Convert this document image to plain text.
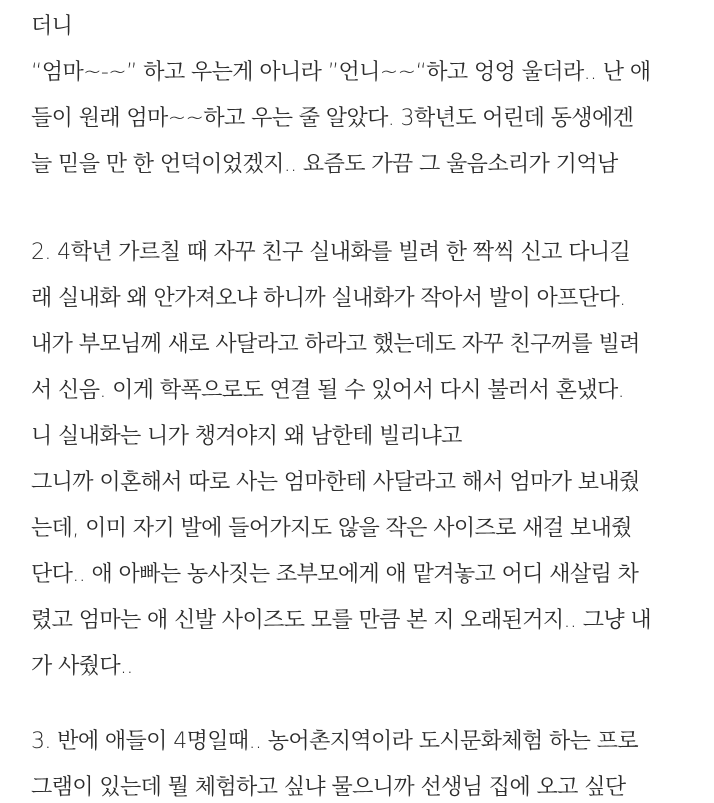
더니
“엄마~-~” 하고 우는게 아니라 ”언니~~“하고 엉엉 울더라.. 난 애
들이 원래 엄마~~하고 우는 줄 알았다. 3학년도 어린데 동생에겐
늘 믿을 만 한 언덕이었겠지.. 요즘도 가끔 그 울음소리가 기억남
2. 4학년 가르칠 때 자꾸 친구 실내화를 빌려 한 짝씩 신고 다니길
래 실내화 왜 안가져오냐 하니까 실내화가 작아서 발이 아프단다.
내가 부모님께 새로 사달라고 하라고 했는데도 자꾸 친구꺼를 빌려
서 신음. 이게 학폭으로도 연결 될 수 있어서 다시 불러서 혼냈다.
니 실내화는 니가 챙겨야지 왜 남한테 빌리냐고
그니까 이혼해서 따로 사는 엄마한테 사달라고 해서 엄마가 보내줬
는데, 이미 자기 발에 들어가지도 않을 작은 사이즈로 새걸 보내줬
단다.. 애 아빠는 농사짓는 조부모에게 애 맡겨놓고 어디 새살림 차
렸고 엄마는 애 신발 사이즈도 모를 만큼 본 지 오래된거지.. 그냥 내
가 사줬다..
3. 반에 애들이 4명일때.. 농어촌지역이라 도시문화체험 하는 프로
그램이 있는데 뭘 체험하고 싶냐 물으니까 선생님 집에 오고 싶단
